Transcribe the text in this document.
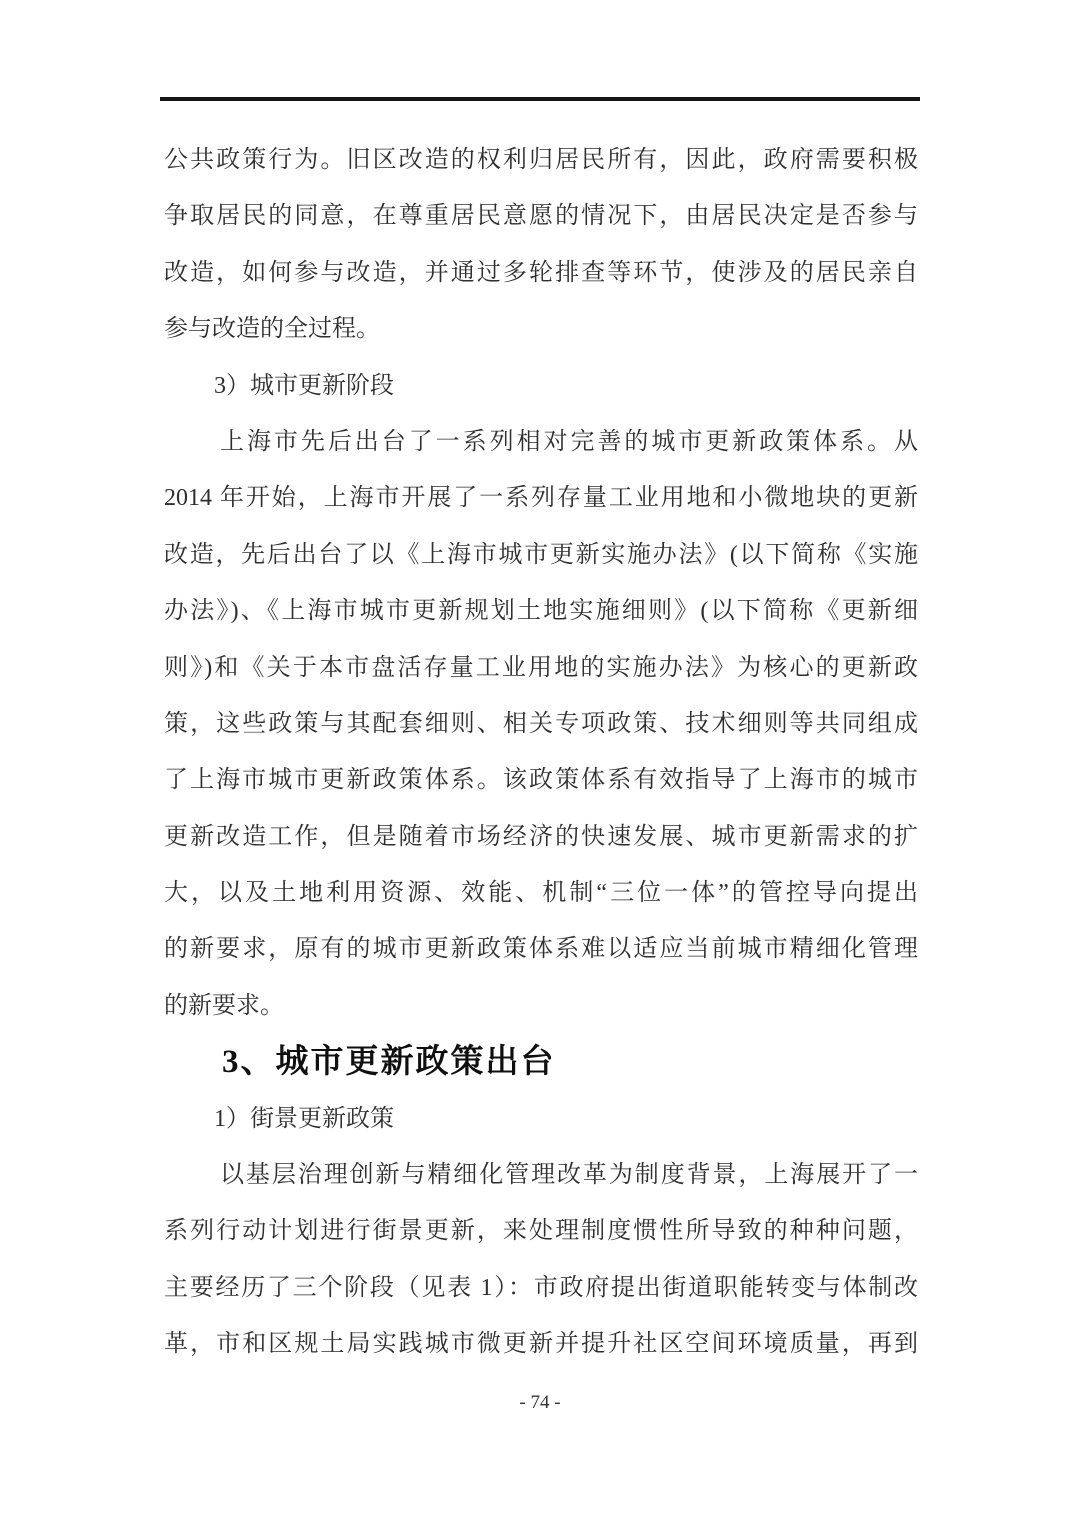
公共政策行为。旧区改造的权利归居民所有，因此，政府需要积极
争取居民的同意，在尊重居民意愿的情况下，由居民决定是否参与
改造，如何参与改造，并通过多轮排查等环节，使涉及的居民亲自
参与改造的全过程。
3）城市更新阶段
上海市先后出台了一系列相对完善的城市更新政策体系。从
2014 年开始，上海市开展了一系列存量工业用地和小微地块的更新
改造，先后出台了以《上海市城市更新实施办法》(以下简称《实施
办法》)、《上海市城市更新规划土地实施细则》(以下简称《更新细
则》)和《关于本市盘活存量工业用地的实施办法》为核心的更新政
策，这些政策与其配套细则、相关专项政策、技术细则等共同组成
了上海市城市更新政策体系。该政策体系有效指导了上海市的城市
更新改造工作，但是随着市场经济的快速发展、城市更新需求的扩
大，以及土地利用资源、效能、机制“三位一体”的管控导向提出
的新要求，原有的城市更新政策体系难以适应当前城市精细化管理
的新要求。
3、城市更新政策出台
1）街景更新政策
以基层治理创新与精细化管理改革为制度背景，上海展开了一
系列行动计划进行街景更新，来处理制度惯性所导致的种种问题，
主要经历了三个阶段（见表 1）：市政府提出街道职能转变与体制改
革，市和区规土局实践城市微更新并提升社区空间环境质量，再到
- 74 -
